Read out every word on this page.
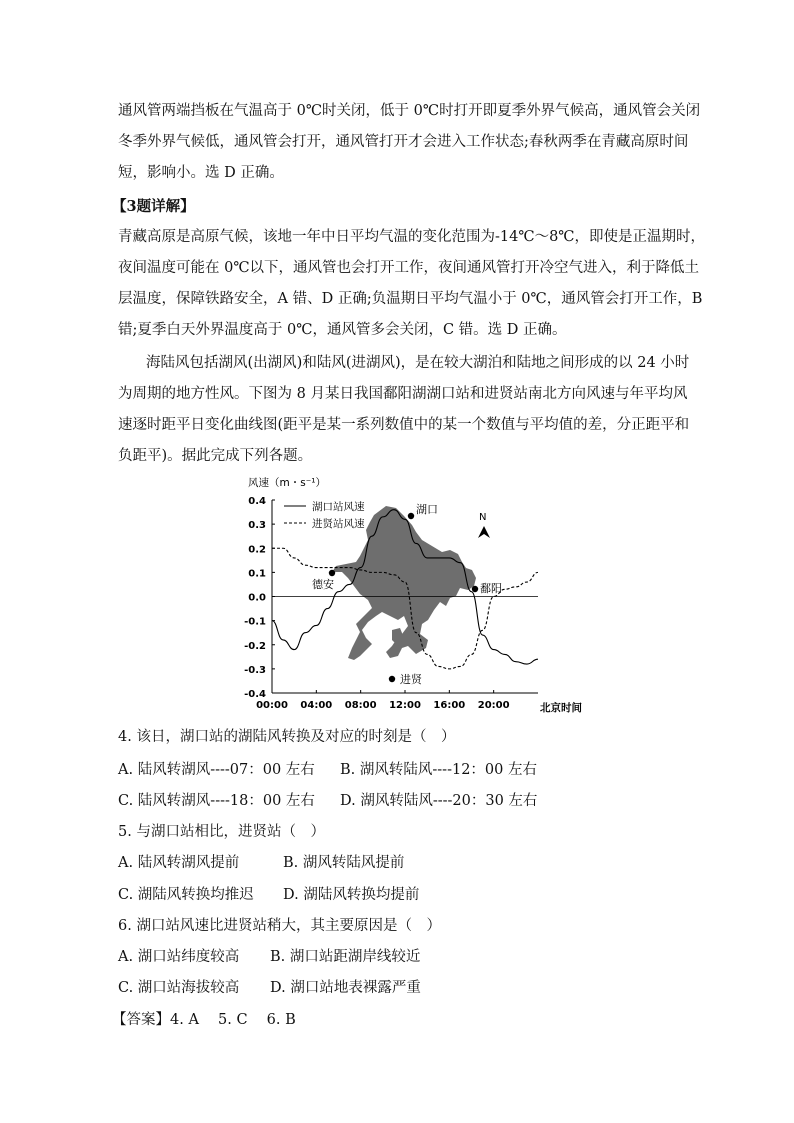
通风管两端挡板在气温高于 0℃时关闭，低于 0℃时打开即夏季外界气候高，通风管会关闭
冬季外界气候低，通风管会打开，通风管打开才会进入工作状态;春秋两季在青藏高原时间
短，影响小。选 D 正确。
【3题详解】
青藏高原是高原气候，该地一年中日平均气温的变化范围为-14℃～8℃，即使是正温期时，
夜间温度可能在 0℃以下，通风管也会打开工作，夜间通风管打开冷空气进入，利于降低土
层温度，保障铁路安全，A 错、D 正确;负温期日平均气温小于 0℃，通风管会打开工作，B
错;夏季白天外界温度高于 0℃，通风管多会关闭，C 错。选 D 正确。
海陆风包括湖风(出湖风)和陆风(进湖风)，是在较大湖泊和陆地之间形成的以 24 小时
为周期的地方性风。下图为 8 月某日我国鄱阳湖湖口站和进贤站南北方向风速与年平均风
速逐时距平日变化曲线图(距平是某一系列数值中的某一个数值与平均值的差，分正距平和
负距平)。据此完成下列各题。
湖口
德安	鄱阳
进贤
N
0.4
0.3
0.2
0.1
0.0
-0.1
-0.2
-0.3
-0.4
00:00 04:00 08:00 12:00 16:00 20:00
湖口站风速
进贤站风速
风速（m・s⁻¹）
北京时间
4. 该日，湖口站的湖陆风转换及对应的时刻是（　）
A. 陆风转湖风----07：00 左右 B. 湖风转陆风----12：00 左右
C. 陆风转湖风----18：00 左右 D. 湖风转陆风----20：30 左右
5. 与湖口站相比，进贤站（　）
A. 陆风转湖风提前	B. 湖风转陆风提前
C. 湖陆风转换均推迟 D. 湖陆风转换均提前
6. 湖口站风速比进贤站稍大，其主要原因是（　）
A. 湖口站纬度较高 B. 湖口站距湖岸线较近
C. 湖口站海拔较高 D. 湖口站地表裸露严重
【答案】4. A　 5. C　 6. B
